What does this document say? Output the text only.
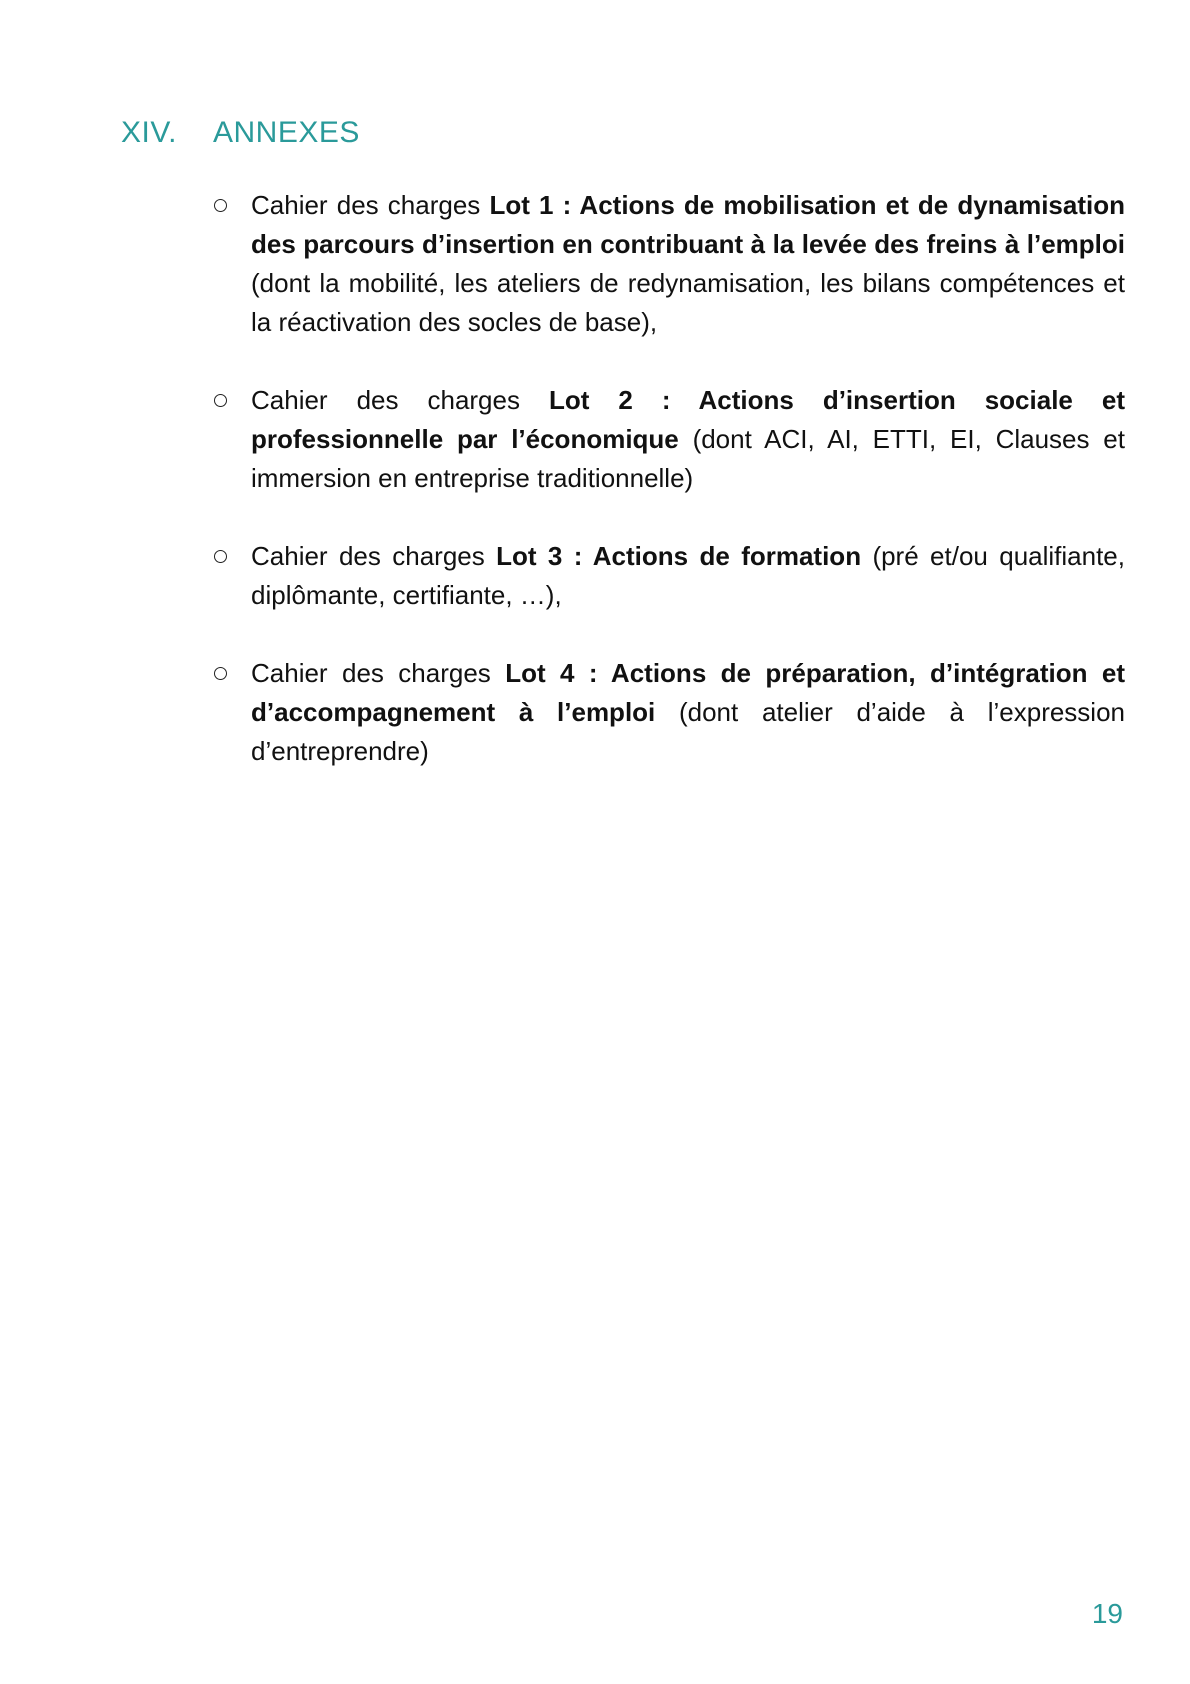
XIV. ANNEXES
Cahier des charges Lot 1 : Actions de mobilisation et de dynamisation des parcours d’insertion en contribuant à la levée des freins à l’emploi (dont la mobilité, les ateliers de redynamisation, les bilans compétences et la réactivation des socles de base),
Cahier des charges Lot 2 : Actions d’insertion sociale et professionnelle par l’économique (dont ACI, AI, ETTI, EI, Clauses et immersion en entreprise traditionnelle)
Cahier des charges Lot 3 : Actions de formation (pré et/ou qualifiante, diplômante, certifiante, …),
Cahier des charges Lot 4 : Actions de préparation, d’intégration et d’accompagnement à l’emploi (dont atelier d’aide à l’expression d’entreprendre)
19
